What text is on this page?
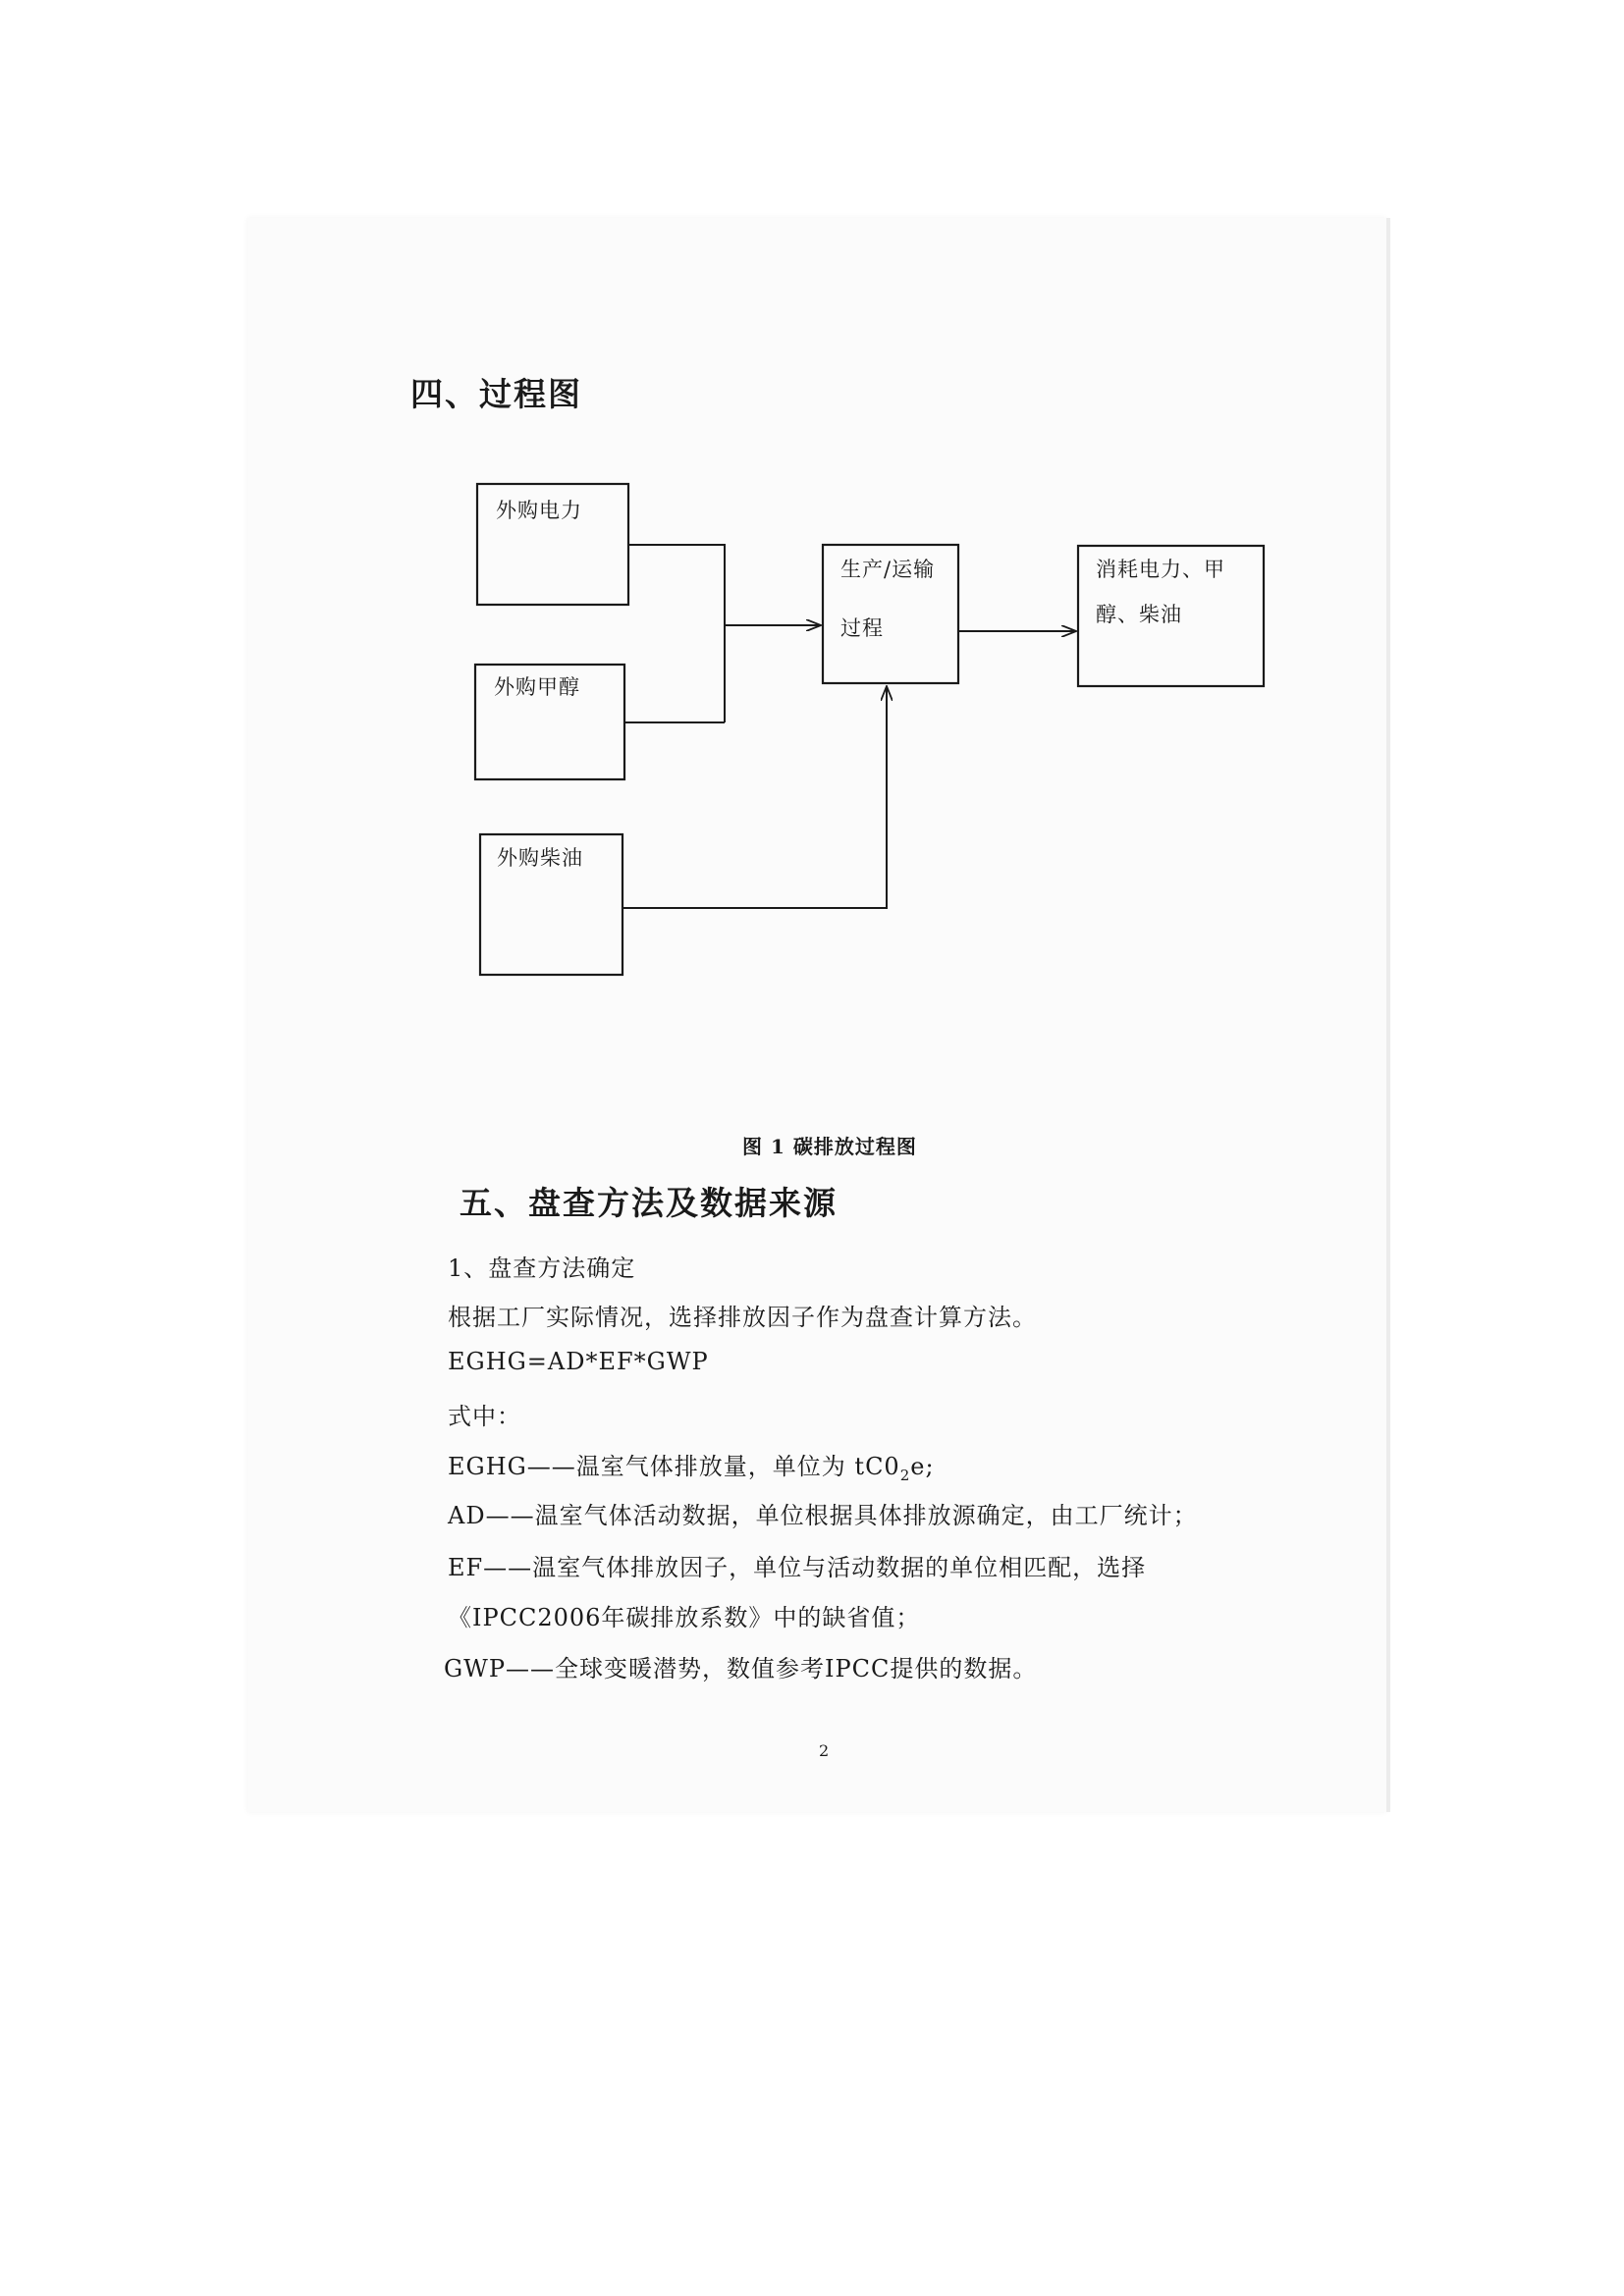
四、过程图
外购电力
外购甲醇
外购柴油
生产/运输
过程
消耗电力、甲
醇、柴油
图 1 碳排放过程图
五、盘查方法及数据来源
1、盘查方法确定
根据工厂实际情况，选择排放因子作为盘查计算方法。
EGHG=AD*EF*GWP
式中：
EGHG——温室气体排放量，单位为 $tC0_2e$;
AD——温室气体活动数据，单位根据具体排放源确定，由工厂统计；
EF——温室气体排放因子，单位与活动数据的单位相匹配，选择
《IPCC2006年碳排放系数》中的缺省值；
GWP——全球变暖潜势，数值参考IPCC提供的数据。
2
